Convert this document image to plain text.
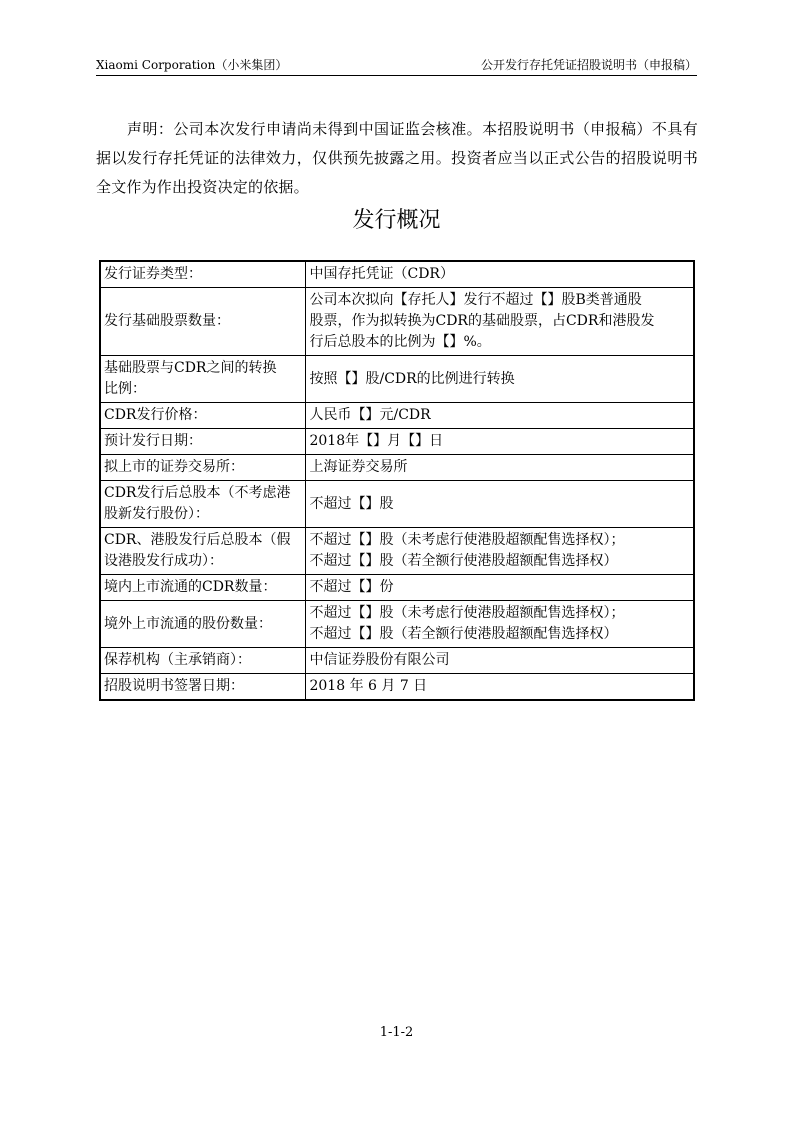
Xiaomi Corporation（小米集团）	公开发行存托凭证招股说明书（申报稿）

声明：公司本次发行申请尚未得到中国证监会核准。本招股说明书（申报稿）不具有据以发行存托凭证的法律效力，仅供预先披露之用。投资者应当以正式公告的招股说明书全文作为作出投资决定的依据。

发行概况
发行证券类型：	中国存托凭证（CDR）

发行基础股票数量：	公司本次拟向【存托人】发行不超过【】股B类普通股
股票，作为拟转换为CDR的基础股票，占CDR和港股发
行后总股本的比例为【】%。

基础股票与CDR之间的转换
比例：	按照【】股/CDR的比例进行转换

CDR发行价格：	人民币【】元/CDR

预计发行日期：	2018年【】月【】日

拟上市的证券交易所：	上海证券交易所

CDR发行后总股本（不考虑港
股新发行股份）：	不超过【】股

CDR、港股发行后总股本（假
设港股发行成功）：	不超过【】股（未考虑行使港股超额配售选择权）；
不超过【】股（若全额行使港股超额配售选择权）

境内上市流通的CDR数量：	不超过【】份

境外上市流通的股份数量：	不超过【】股（未考虑行使港股超额配售选择权）；
不超过【】股（若全额行使港股超额配售选择权）

保荐机构（主承销商）：	中信证券股份有限公司

招股说明书签署日期：	2018 年 6 月 7 日
1-1-2
